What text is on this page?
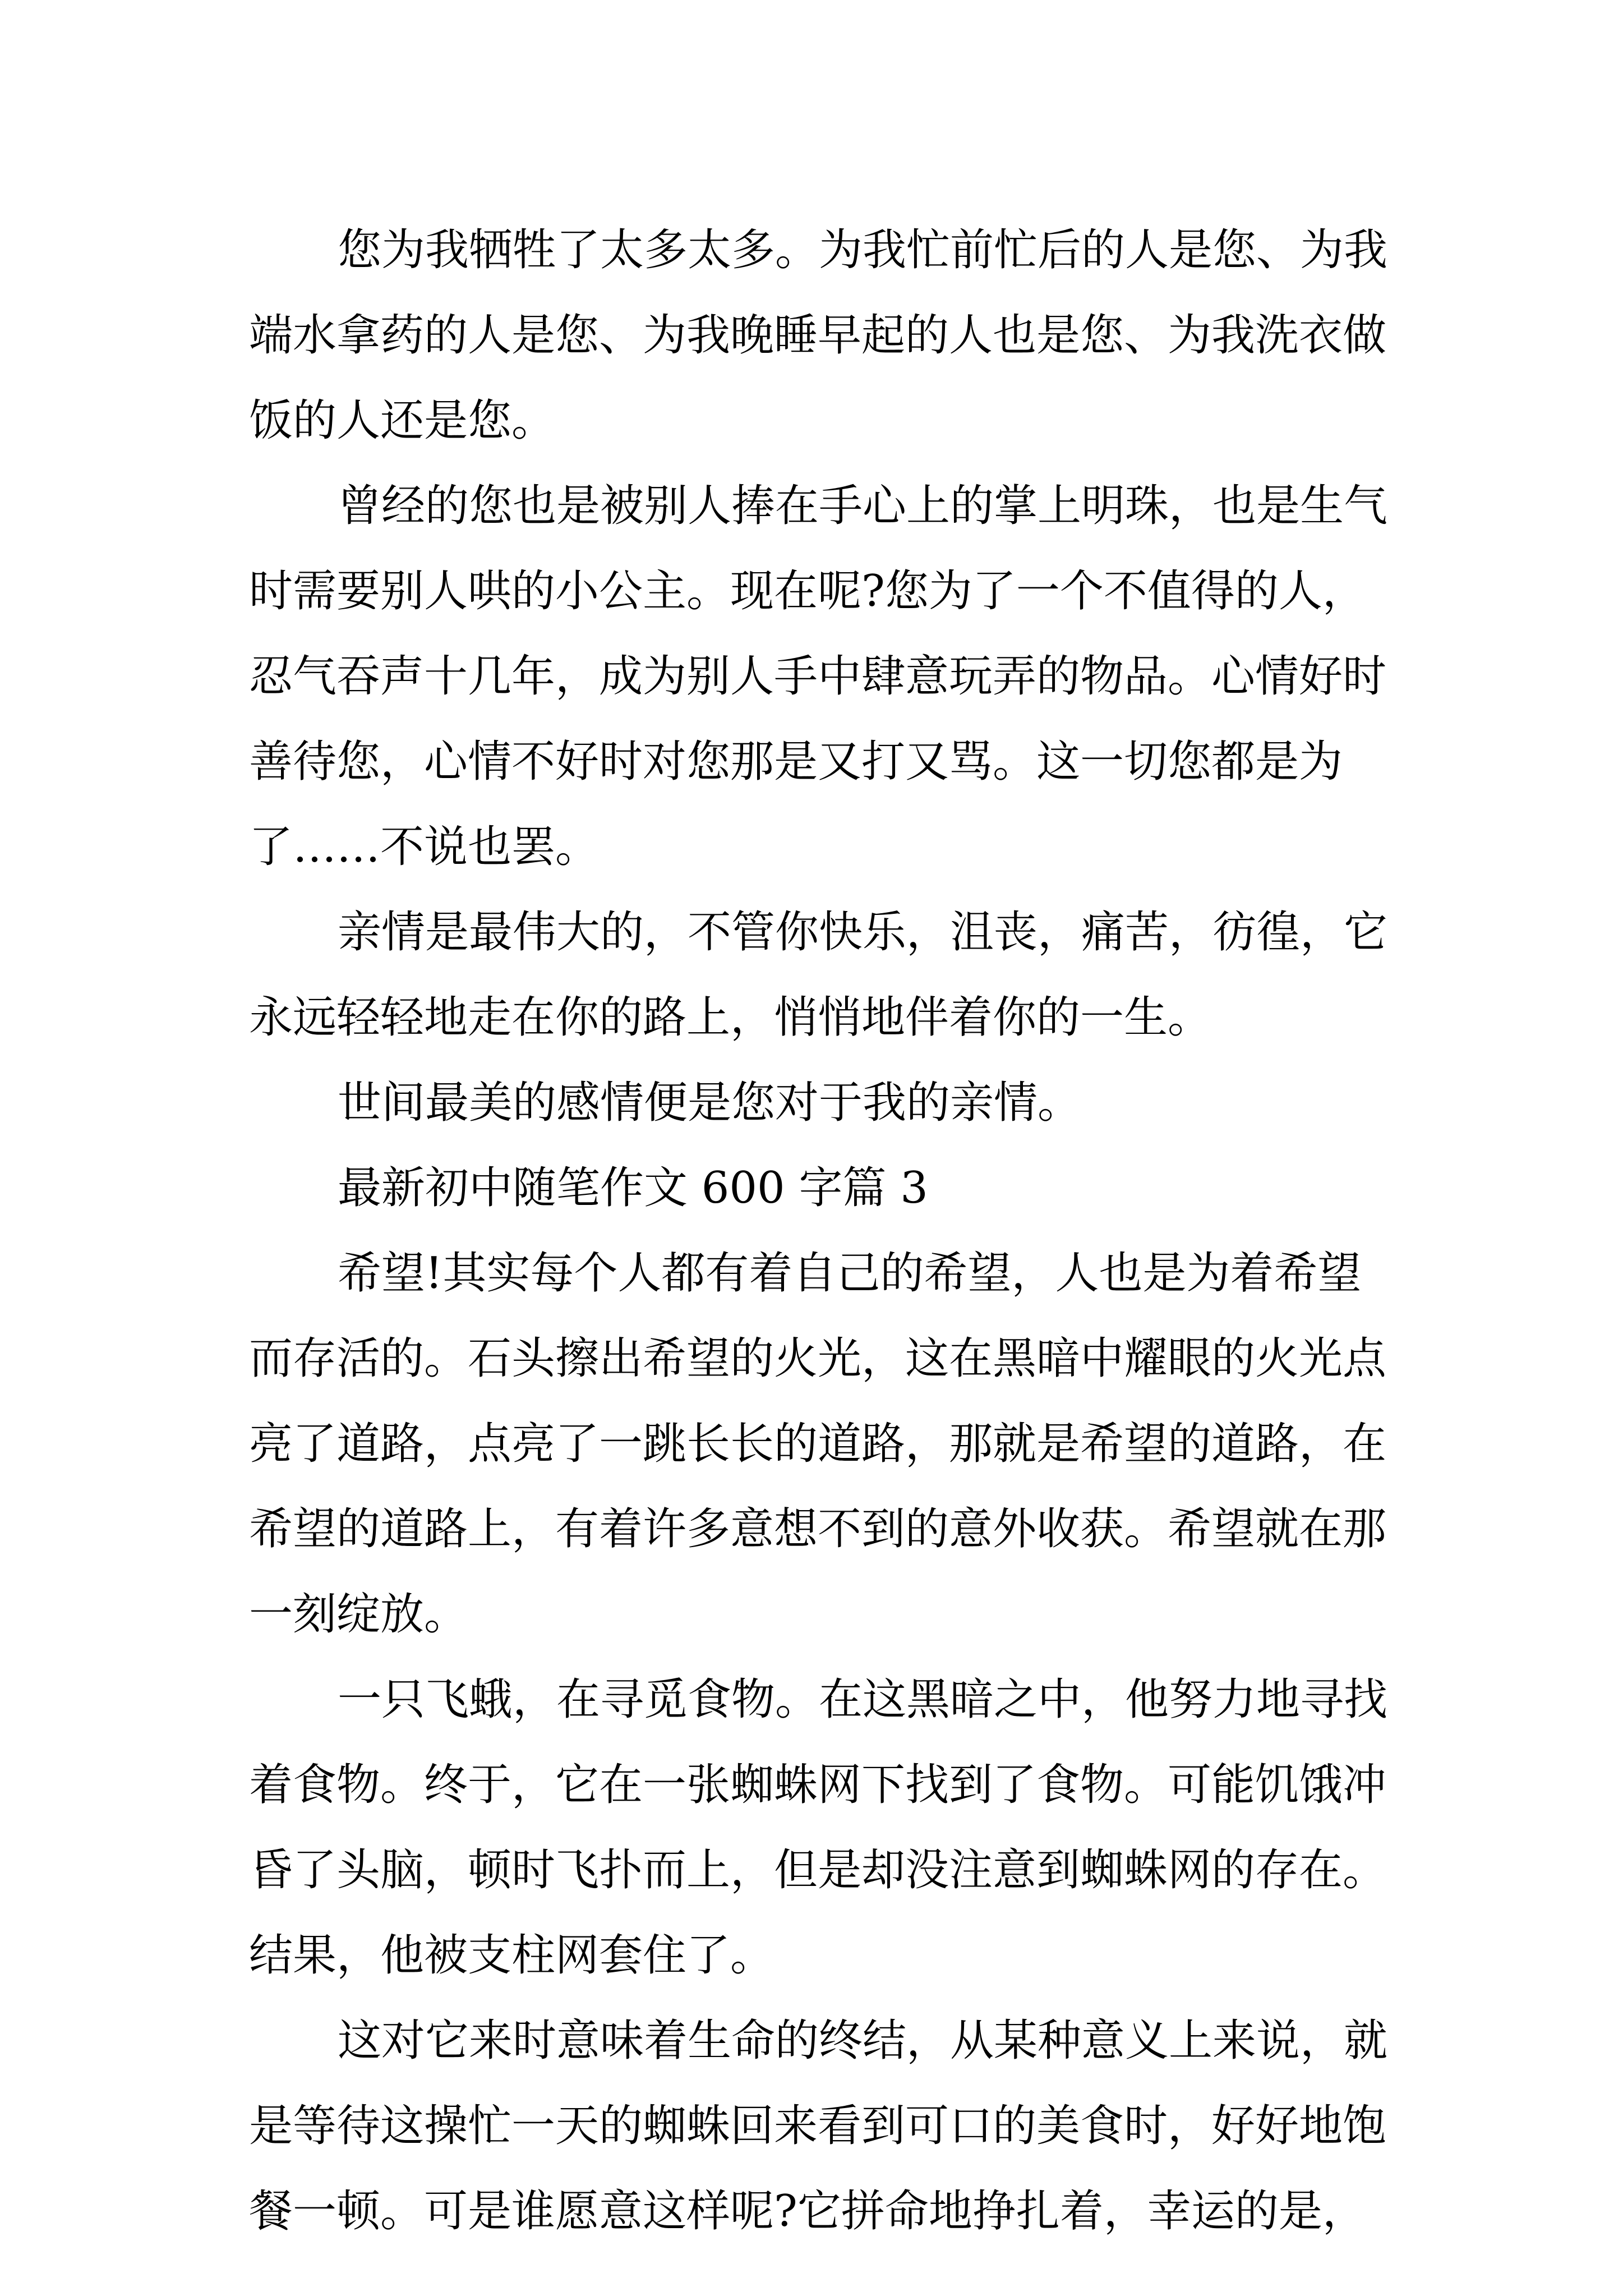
您为我牺牲了太多太多。为我忙前忙后的人是您、为我
端水拿药的人是您、为我晚睡早起的人也是您、为我洗衣做
饭的人还是您。
曾经的您也是被别人捧在手心上的掌上明珠，也是生气
时需要别人哄的小公主。现在呢?您为了一个不值得的人，
忍气吞声十几年，成为别人手中肆意玩弄的物品。心情好时
善待您，心情不好时对您那是又打又骂。这一切您都是为
了……不说也罢。
亲情是最伟大的，不管你快乐，沮丧，痛苦，彷徨，它
永远轻轻地走在你的路上，悄悄地伴着你的一生。
世间最美的感情便是您对于我的亲情。
最新初中随笔作文 600 字篇 3
希望!其实每个人都有着自己的希望，人也是为着希望
而存活的。石头擦出希望的火光，这在黑暗中耀眼的火光点
亮了道路，点亮了一跳长长的道路，那就是希望的道路，在
希望的道路上，有着许多意想不到的意外收获。希望就在那
一刻绽放。
一只飞蛾，在寻觅食物。在这黑暗之中，他努力地寻找
着食物。终于，它在一张蜘蛛网下找到了食物。可能饥饿冲
昏了头脑，顿时飞扑而上，但是却没注意到蜘蛛网的存在。
结果，他被支柱网套住了。
这对它来时意味着生命的终结，从某种意义上来说，就
是等待这操忙一天的蜘蛛回来看到可口的美食时，好好地饱
餐一顿。可是谁愿意这样呢?它拼命地挣扎着，幸运的是，
